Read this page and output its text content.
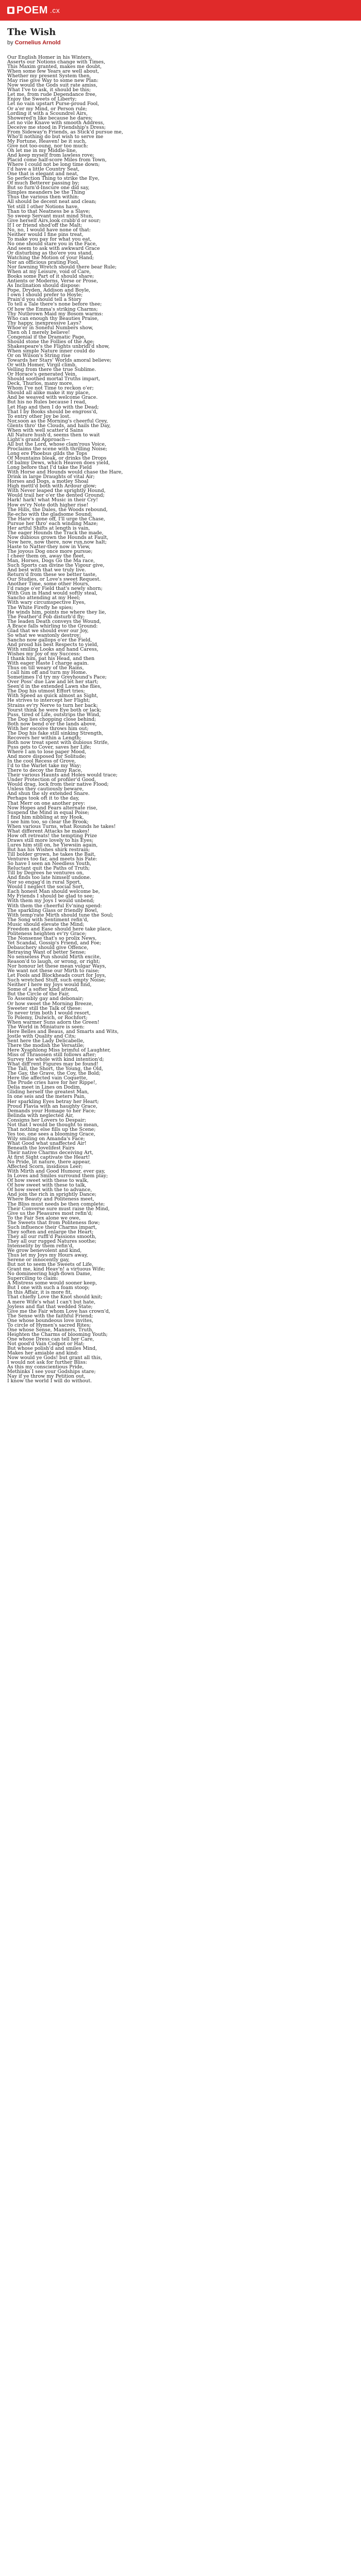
POEM .cx
The Wish
by Cornelius Arnold
Our English Homer in his Winters,
Asserts our Notions change with Times,
This Maxim granted, makes me doubt,
When some few Years are well about,
Whether my present System then,
May rise give Way to some new Plan:
Now would the Gods suit rate amiss,
What I've to ask, it should be this;
Let me, from rude Dependance free,
Enjoy the Sweets of Liberty;
Let no vain upstart Purse-proud Fool,
Or a'er my Mind, or Person rule;
Lording it with a Scoundrel Airs,
Showered'n like because he dares;
Let no vile Knave with smooth Address,
Deceive me stood in Friendship's Dress;
From Sideway'n Friends, as Stick'd pursue me,
Who'll nothing do but wish to serve me
My Fortune, Heaven! be it such,
Give not too-oung, nor too much:
Oh let me in my Middle-line,
And keep myself from lawless rove;
Placid come half-score Miles from Town,
Where I could not be long time down;
I'd have a little Country Seat,
One that is elegant and neat,
So perfection Thing to strike the Eye,
Of much Betterer passing by;
But so furn'd-Inscure one did say,
Simples meanders be the Thing
Thus the various then within:
All should be decent neat and clean;
Yet still I other Notions have,
Than to that Neatness be a Slave;
So sweep Servant must mind Stun,
Give herself Airs,look crabb'd or sour;
If I or friend shod'off the Malt;
No, no, I would have none of that:
Neither would I fine pins treat,
To make you pay for what you eat,
No one should stare you in the Face,
And seem to ask with awkward Grace
Or disturbing as tho'ere you stand,
Watching the Motion of your Hand;
Nor an officious prating Fool,
Nor fawning Wretch should there bear Rule;
When at my Leisure, void of Care,
Books some Part of it should share;
Antients or Moderns, Verse or Prose,
As Inclination should dispose:
Pope, Dryden, Addison and Boyle,
I own I should prefer to Hoyle;
Prain'd you should tell a Story
To tell a Tale there's none before thee;
Of how the Emma's striking Charms;
Thy Nutbrown Maid my Bosom warms:
Who can enough thy Beauties Praise,
Thy happy, inexpressive Lays?
Whoe'er in Soneful Numbers show,
Then oh I merely believe!
Congenial if the Dramatic Page,
Should stone the Follies of the Age;
Shakespeare's the Flights unbridl'd show,
When simple Nature inner could do
Or on Wilson's String rise
Towards her Stars' Worlds amoral believe;
Or with Homer, Virgil climb,
Velling from there the true Sublime.
Or Horace's generated Vein,
Should soothed mortal Truths impart,
Deck, Thurlos, many more,
Whom I've not Time to reckon o'er;
Should all alike make it my place,
And be weaved with welcome Grace.
But his no Rules because I read,
Let Hap and then I do with the Dead;
That I by Books should be engross'd,
To entry other Joy be lost.
Nor,soon as the Morning's cheerful Grey,
Glents thro' the Clouds, and hails the Day,
When with well scatter'd Sains
All Nature hush'd, seems then to wait
Light's grand Approach—
All but the Lord, whose clam'rous Voice,
Proclaims the scene with thrilling Noise;
Long ere Phoebus gilds the Tops
Of Mountains bleak, or drinks the Drops
Of balmy Dews, which Heaven does yield,
Long before that I'd take the Field
With Horse and Hounds would chase the Hare,
Drink in large Draughts of vital Air;
Horses and Dogs, a motley Shoal
High mettl'd both with Ardour glow;
With Never leaped the sprightly Hound,
Would trail her o'er the dented Ground;
Hark! hark! what Music in their Cry!
How ev'ry Note doth higher rise!
The Hills, the Dales, the Woods rebound,
Re-echo with the gladsome Sound;
The Hare's gone off, I'll urge the Chase,
Pursue her thro' each winding Maze;
Her artful Shifts at length is vain,
The eager Hounds the Track the made,
Now dubious grown the Hounds at Fault,
Now here, now there, now run,now halt;
Haste to Natter-they now in View,
The joyous Dog once more pursue;
I cheer them on, away the fleet,
Man, Horses, Dogs Go the Ma race,
Such Sports can divine the Vigour give,
And best with that we truly live.
Return'd from these we better taste,
Our Studies, or Love's sweet Request.
Another Time, some other Hours,
I'd range o'er Field that's newly shorn;
With Gun in Hand would softly steal,
Sancho attending at my Heel;
With wary circumspective Eyes,
The White Firefly he spies;
He winds him, points me where they lie,
The Feather'd Fob disturb'd fly;
The leaden Death conveys the Wound,
A Brace falls whirling to the Ground:
Glad that we should ever our Joy,
So what we wantonly destroy;
Sancho now gallops o'er the Field,
And proud his best Respects to yield,
With smiling Looks and hand Caress,
Wishes my Joy of my Success:
I thank him, pat his Head, and then
With eager Haste I charge again.
Thus on till weary of the Rains,
I call him off and turn my Home.
Sometimes I'd try my Greyhound's Pace;
Over Poss' due Law and let her start;
Seen'd in the extended Lawn she flies,
The Dog his utmost Effort tries;
With Speed as quick almost as Sight,
He strives to intercept her Flight;
Strains ev'ry Nerve to turn her back;
Yourst think he were Eye both or lack;
Puss, tired of Life, outstrips the Wind,
The Dog lies chopping close behind;
Both now bend o'er the lands above,
With her escoive throws him out;
The Dog his fake still sinking Strength,
Recovers her within a Length;
Both now treat spent with dubious Strife,
Puss gets to Cover, saves her Life;
Where I am to lose paper Mood,
And more disposed for Solitude;
In the cool Recess of Grove,
I'd to the Warlet take my Way;
There to decoy the finny Race,
Their various Haunts and Holes would trace;
Under Protection of profiler'd Good,
Would drag, lock from their native Flood;
Unless they cautiously beware,
And shun the sly extended Snare.
Perhaps took oft it to the day,
That Merr on one another prey:
Now Hopes and Fears alternate rise,
Suspend the Mind in equal Poise;
I find him nibbling at my Hook,
I see him too, so clear the Brook;
When various Turns, what Rounds he takes!
What different Attacks he makes!
How oft retreats! the tempting Prize
Draws still more lovely to his Eyes;
Lures him still on, he Yiewsiin again,
But has his Wishes shirk restrain;
Till bolder grown, he takes the Bait,
Ventures too far, and meets his Fate:
So have I seen an Needless Youth,
Reluctant quit the Paths of Truth;
Till by Degrees he ventures on,
And finds too late himself undone.
Nor so engag'd in rural Sport,
Would I neglect the social Sort,
Each honest Man should welcome be,
My Friends I should be glad to see;
With them my Joys I would unbend;
With them the cheerful Ev'ning spend:
The sparkling Glass or friendly Bowl,
With temp'rate Mirth should tune the Soul;
The Song with Sentiment refin'd,
Music should elevate the Mind;
Freedom and Ease should here take place,
Politeness heighten ev'ry Grace;
The Nonsense that's so prolix News,
Yet Scandal, Gossip's Friend, and Foe;
Debauchery should give Offence,
Betraying Want of better Sense;
No senseless Pun should Mirth excite,
Reason'd to laugh, or wrong, or right;
Nor honour let these mean vulgar Ways,
We want not these our Mirth to raise;
Let Fools and Blockheads court for Joys,
Such wretched Stuff, such empty Noise;
Neither I here my Joys would find,
Some of a softer kind attend,
But the Circle of the Fair,
To Assembly gay and debonair;
Or how sweet the Morning Breeze,
Sweeter still the Talk of these:
To never trim both I would resort,
To Polemy, Dulwich, or Rochfort;
When warmer Suns adorn the Green!
The World in Miniature is seen:
Here Belles and Beaus, and Smarts and Wits,
Jostle with Quality and Cits;
Sent here the Lady Delicabelle,
There the modish the Versatile;
Here Xyaphlong Miss brimful of Laughter,
Miss of Thrasosen still follows after;
Survey the whole with kind intention'd;
What diff'rent Figures may be found!
The Tall, the Short, the Young, the Old,
The Gay, the Grave, the Coy, the Bold;
Here the affected vain Coquette,
The Prude cries have for her Rippe!,
Delia meet in Lines on Dodim,
Gliding herself the greatest Man,
In one seis and the meters Pain,
Her sparkling Eyes betray her Heart;
Proud Flavia with an haughty Grace,
Demands your Homage to her Face;
Belinda with neglected Air,
Consigns her Lovers to Despair;
Not that I would be thought to mean,
That nothing else fills up the Scene;
Yes too, one sees a blooming Grace,
Wily smiling on Amanda's Face;
What Good what unaffected Air!
Beneath the lovelifest Fairs
Their native Charms deceiving Art,
At first Sight captivate the Heart!
No Pride, lit nature, there appear,
Affected Scorn, insidious Leer;
With Mirth and Good Humour, ever gay,
In Loves and Smiles surround them play;
Of how sweet with these to walk,
Of how sweet with these to talk,
Of how sweet with the to advance,
And join the rich in sprightly Dance;
Where Beauty and Politeness meet,
The Bliss must needs be then complete;
Their Converse sure must raise the Mind,
Give us the Pleasures most refin'd;
To the Fair Sex alone we owe,
The Sweets that from Politeness flow;
Such influence their Charms impart,
They soften and enlarge the Heart;
They all our ruffl'd Passions smooth,
They all our rugged Natures soothe;
Intenselity by them refin'd,
We grow benevolent and kind,
Thus let my Joys my Hours away,
Serene or innocently gay,
But not to seem the Sweets of Life,
Grant me, kind Heav'n! a virtuous Wife;
No domineering high-flown Dame,
Superciling to claim:
A Mistress some would sooner keep,
But I one with such a foam stoop;
In this Affair, it is more fit,
That chiefly Love the Knot should knit;
A mere Wife's what I can't but hate,
Joyless and flat that wedded State;
Give me the Fair whom Love has crown'd,
The Sense with the faithful Friend;
One whose boundeous love invites,
To circle of Hymen's sacred Rites;
One whose Sense, Manners, Truth,
Heighten the Charms of blooming Youth;
One whose Dress can tell her Care,
Not good'd Vain Codpot or Hat;
But whose polish'd and smiles Mind,
Makes her amiable and kind:
Now would ye Gods! but grant all this,
I would not ask for further Bliss:
As this my conscientious Pride,
Methinks I see your Godships stare;
Nay if ye throw my Petition out,
I know the world I will do without.
